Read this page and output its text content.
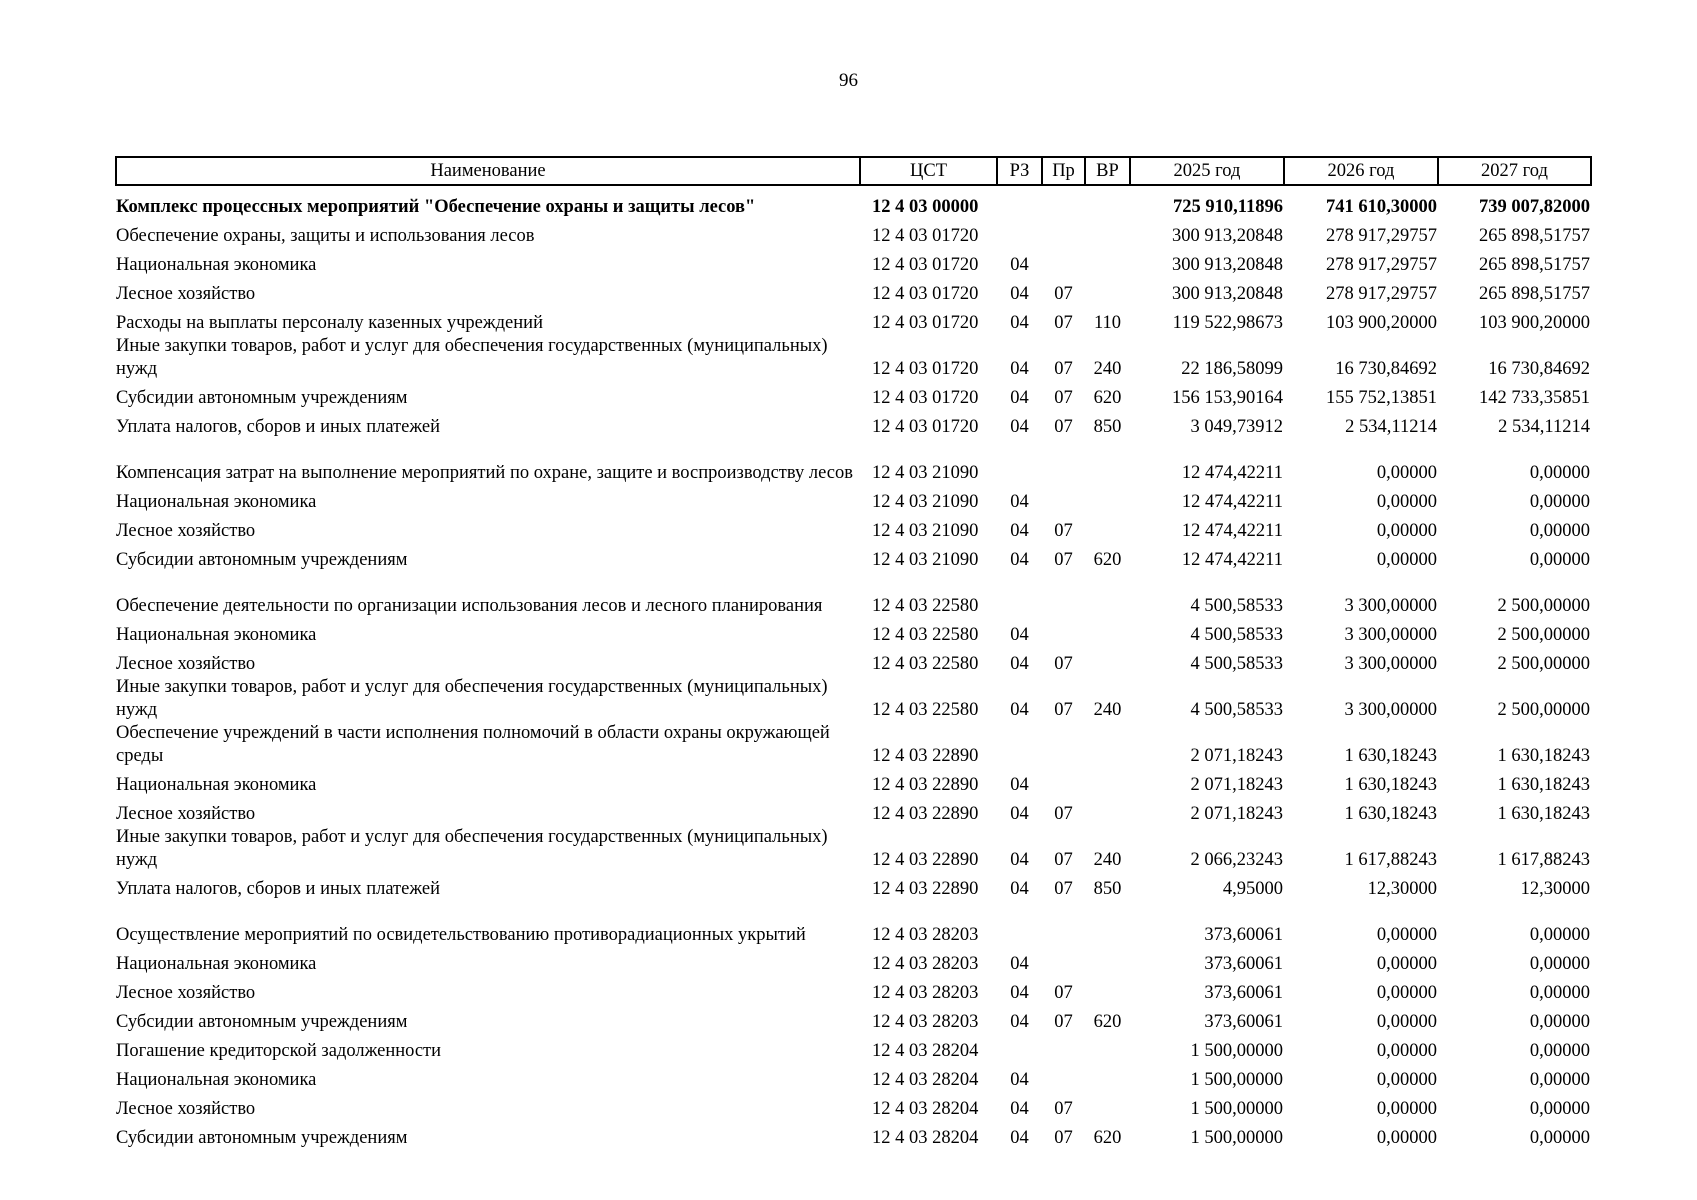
96
Наименование	ЦСТ	РЗ	Пр	ВР	2025 год	2026 год	2027 год
Комплекс процессных мероприятий "Обеспечение охраны и защиты лесов"	12 4 03 00000				725 910,11896	741 610,30000	739 007,82000
Обеспечение охраны, защиты и использования лесов	12 4 03 01720				300 913,20848	278 917,29757	265 898,51757
Национальная экономика	12 4 03 01720	04			300 913,20848	278 917,29757	265 898,51757
Лесное хозяйство	12 4 03 01720	04	07		300 913,20848	278 917,29757	265 898,51757
Расходы на выплаты персоналу казенных учреждений	12 4 03 01720	04	07	110	119 522,98673	103 900,20000	103 900,20000
Иные закупки товаров, работ и услуг для обеспечения государственных (муниципальных) нужд	12 4 03 01720	04	07	240	22 186,58099	16 730,84692	16 730,84692
Субсидии автономным учреждениям	12 4 03 01720	04	07	620	156 153,90164	155 752,13851	142 733,35851
Уплата налогов, сборов и иных платежей	12 4 03 01720	04	07	850	3 049,73912	2 534,11214	2 534,11214
Компенсация затрат на выполнение мероприятий по охране, защите и воспроизводству лесов	12 4 03 21090				12 474,42211	0,00000	0,00000
Национальная экономика	12 4 03 21090	04			12 474,42211	0,00000	0,00000
Лесное хозяйство	12 4 03 21090	04	07		12 474,42211	0,00000	0,00000
Субсидии автономным учреждениям	12 4 03 21090	04	07	620	12 474,42211	0,00000	0,00000
Обеспечение деятельности по организации использования лесов и лесного планирования	12 4 03 22580				4 500,58533	3 300,00000	2 500,00000
Национальная экономика	12 4 03 22580	04			4 500,58533	3 300,00000	2 500,00000
Лесное хозяйство	12 4 03 22580	04	07		4 500,58533	3 300,00000	2 500,00000
Иные закупки товаров, работ и услуг для обеспечения государственных (муниципальных) нужд	12 4 03 22580	04	07	240	4 500,58533	3 300,00000	2 500,00000
Обеспечение учреждений в части исполнения полномочий в области охраны окружающей среды	12 4 03 22890				2 071,18243	1 630,18243	1 630,18243
Национальная экономика	12 4 03 22890	04			2 071,18243	1 630,18243	1 630,18243
Лесное хозяйство	12 4 03 22890	04	07		2 071,18243	1 630,18243	1 630,18243
Иные закупки товаров, работ и услуг для обеспечения государственных (муниципальных) нужд	12 4 03 22890	04	07	240	2 066,23243	1 617,88243	1 617,88243
Уплата налогов, сборов и иных платежей	12 4 03 22890	04	07	850	4,95000	12,30000	12,30000
Осуществление мероприятий по освидетельствованию противорадиационных укрытий	12 4 03 28203				373,60061	0,00000	0,00000
Национальная экономика	12 4 03 28203	04			373,60061	0,00000	0,00000
Лесное хозяйство	12 4 03 28203	04	07		373,60061	0,00000	0,00000
Субсидии автономным учреждениям	12 4 03 28203	04	07	620	373,60061	0,00000	0,00000
Погашение кредиторской задолженности	12 4 03 28204				1 500,00000	0,00000	0,00000
Национальная экономика	12 4 03 28204	04			1 500,00000	0,00000	0,00000
Лесное хозяйство	12 4 03 28204	04	07		1 500,00000	0,00000	0,00000
Субсидии автономным учреждениям	12 4 03 28204	04	07	620	1 500,00000	0,00000	0,00000
